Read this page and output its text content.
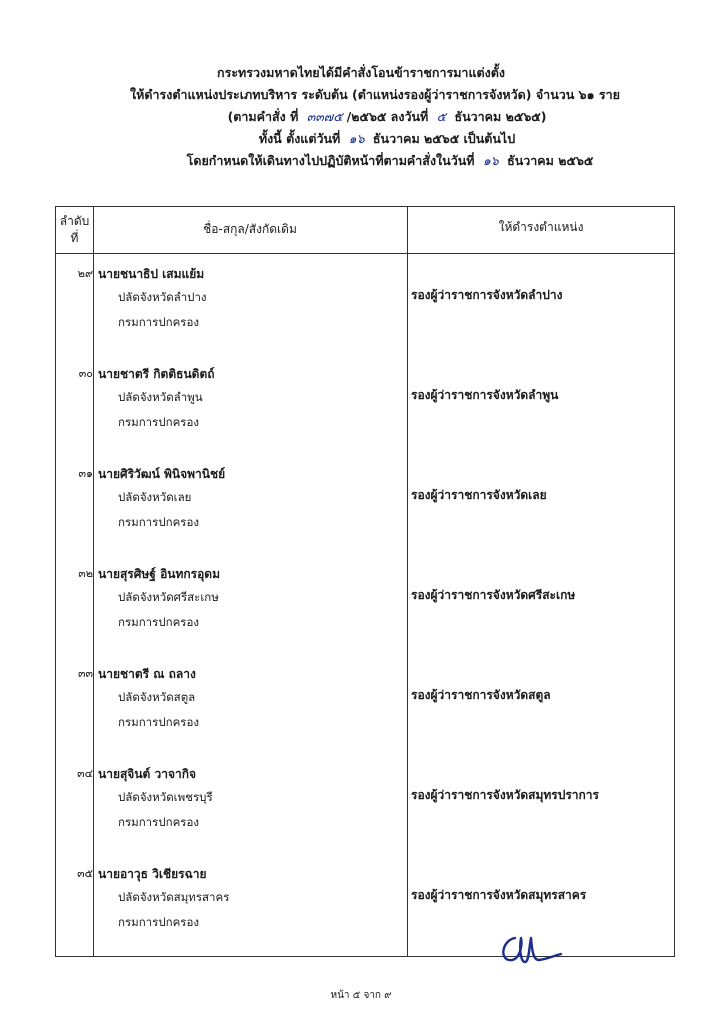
กระทรวงมหาดไทยได้มีคำสั่งโอนข้าราชการมาแต่งตั้ง
ให้ดำรงตำแหน่งประเภทบริหาร ระดับต้น (ตำแหน่งรองผู้ว่าราชการจังหวัด) จำนวน ๖๑ ราย
(ตามคำสั่ง ที่ ๓๓๗๕ /๒๕๖๕ ลงวันที่ ๕ ธันวาคม ๒๕๖๕)
ทั้งนี้ ตั้งแต่วันที่ ๑๖ ธันวาคม ๒๕๖๕ เป็นต้นไป
โดยกำหนดให้เดินทางไปปฏิบัติหน้าที่ตามคำสั่งในวันที่ ๑๖ ธันวาคม ๒๕๖๕
ลำดับ
ที่
ชื่อ-สกุล/สังกัดเดิม	ให้ดำรงตำแหน่ง
๒๙ นายชนาธิป เสมแย้ม
ปลัดจังหวัดลำปาง
กรมการปกครอง
รองผู้ว่าราชการจังหวัดลำปาง
๓๐ นายชาตรี กิตติธนดิตถ์
ปลัดจังหวัดลำพูน
กรมการปกครอง
รองผู้ว่าราชการจังหวัดลำพูน
๓๑ นายศิริวัฒน์ พินิจพานิชย์
ปลัดจังหวัดเลย
กรมการปกครอง
รองผู้ว่าราชการจังหวัดเลย
๓๒ นายสุรศิษฐ์ อินทกรอุดม
ปลัดจังหวัดศรีสะเกษ
กรมการปกครอง
รองผู้ว่าราชการจังหวัดศรีสะเกษ
๓๓ นายชาตรี ณ ถลาง
ปลัดจังหวัดสตูล
กรมการปกครอง
รองผู้ว่าราชการจังหวัดสตูล
๓๔ นายสุจินต์ วาจากิจ
ปลัดจังหวัดเพชรบุรี
กรมการปกครอง
รองผู้ว่าราชการจังหวัดสมุทรปราการ
๓๕ นายอาวุธ วิเชียรฉาย
ปลัดจังหวัดสมุทรสาคร
กรมการปกครอง
รองผู้ว่าราชการจังหวัดสมุทรสาคร
หน้า ๕ จาก ๙
